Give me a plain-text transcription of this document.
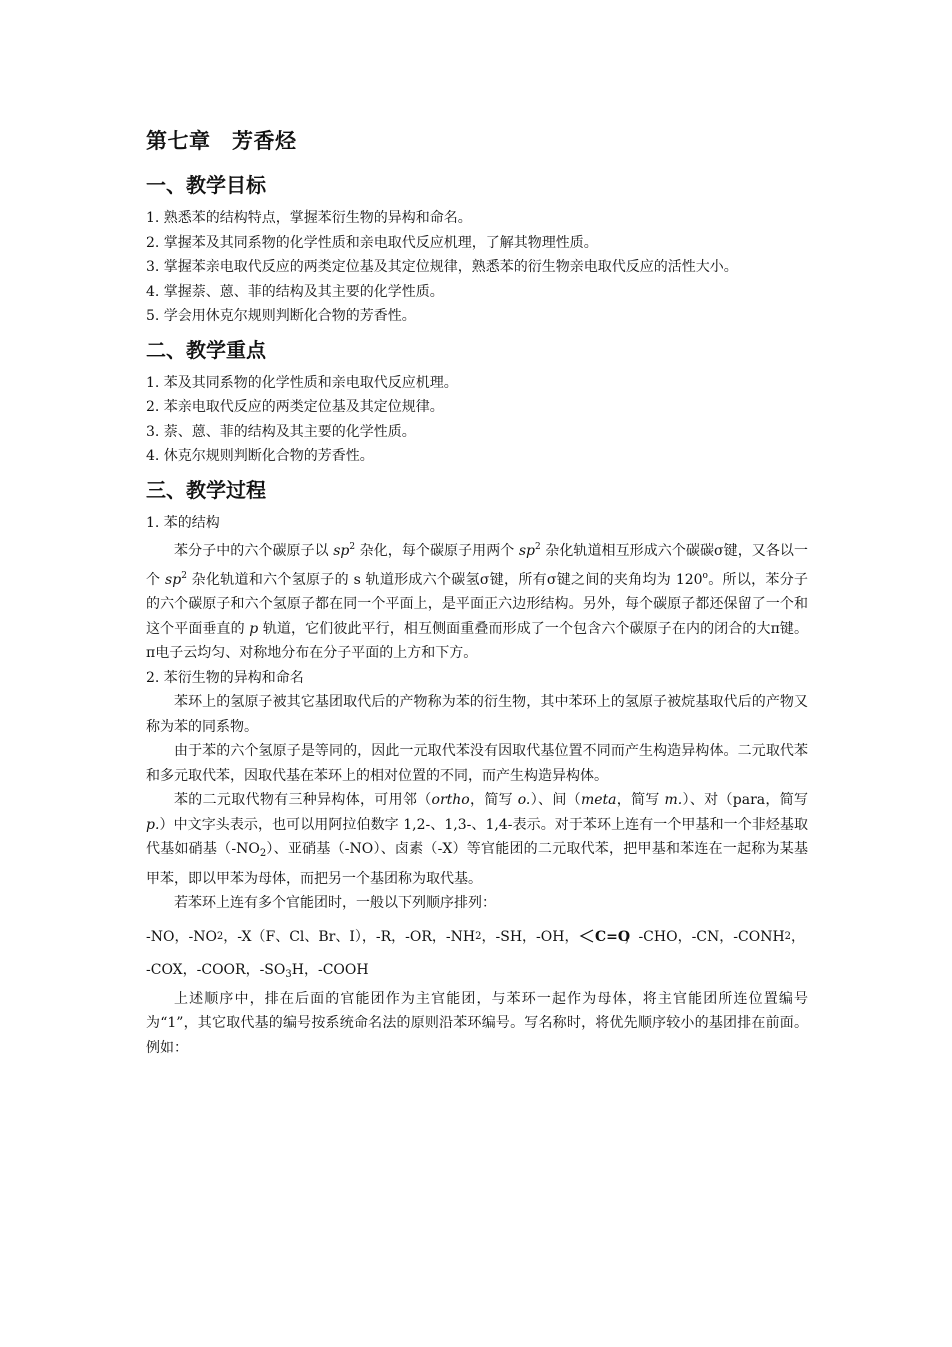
第七章　芳香烃
一、教学目标

1. 熟悉苯的结构特点，掌握苯衍生物的异构和命名。

2. 掌握苯及其同系物的化学性质和亲电取代反应机理，了解其物理性质。

3. 掌握苯亲电取代反应的两类定位基及其定位规律，熟悉苯的衍生物亲电取代反应的活性大小。

4. 掌握萘、蒽、菲的结构及其主要的化学性质。

5. 学会用休克尔规则判断化合物的芳香性。

二、教学重点

1. 苯及其同系物的化学性质和亲电取代反应机理。

2. 苯亲电取代反应的两类定位基及其定位规律。

3. 萘、蒽、菲的结构及其主要的化学性质。

4. 休克尔规则判断化合物的芳香性。

三、教学过程

1. 苯的结构

苯分子中的六个碳原子以 $sp^2$ 杂化，每个碳原子用两个 $sp^2$ 杂化轨道相互形成六个碳碳σ键，又各以一个 $sp^2$ 杂化轨道和六个氢原子的 s 轨道形成六个碳氢σ键，所有σ键之间的夹角均为 120$^o$。所以，苯分子的六个碳原子和六个氢原子都在同一个平面上，是平面正六边形结构。另外，每个碳原子都还保留了一个和这个平面垂直的 p 轨道，它们彼此平行，相互侧面重叠而形成了一个包含六个碳原子在内的闭合的大π键。π电子云均匀、对称地分布在分子平面的上方和下方。

2. 苯衍生物的异构和命名

苯环上的氢原子被其它基团取代后的产物称为苯的衍生物，其中苯环上的氢原子被烷基取代后的产物又称为苯的同系物。

由于苯的六个氢原子是等同的，因此一元取代苯没有因取代基位置不同而产生构造异构体。二元取代苯和多元取代苯，因取代基在苯环上的相对位置的不同，而产生构造异构体。

苯的二元取代物有三种异构体，可用邻（ortho，简写 o.）、间（meta，简写 m.）、对（para，简写 p.）中文字头表示，也可以用阿拉伯数字 1,2-、1,3-、1,4-表示。对于苯环上连有一个甲基和一个非烃基取代基如硝基$(-NO_2)$、亚硝基（-NO）、卤素（-X）等官能团的二元取代苯，把甲基和苯连在一起称为某基甲苯，即以甲苯为母体，而把另一个基团称为取代基。

若苯环上连有多个官能团时，一般以下列顺序排列：

-NO，-NO 2 ，-X（F、Cl、Br、I），-R，-OR，-NH 2 ，-SH，-OH， C=O
，-CHO，-CN，-CONH 2 ，

-COX，-COOR，$-SO_3H$，-COOH

上述顺序中，排在后面的官能团作为主官能团，与苯环一起作为母体，将主官能团所连位置编号为“1”，其它取代基的编号按系统命名法的原则沿苯环编号。写名称时，将优先顺序较小的基团排在前面。例如：
